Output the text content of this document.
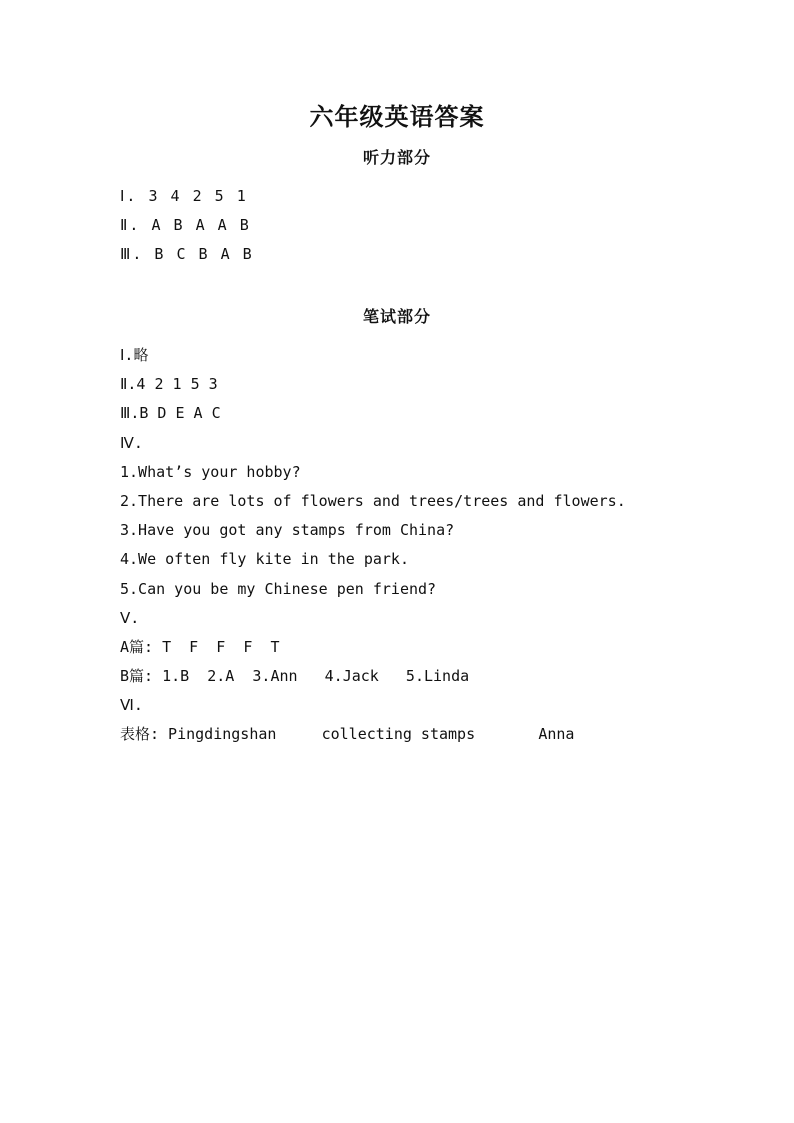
六年级英语答案
听力部分
Ⅰ. 3 4 2 5 1
Ⅱ. A B A A B
Ⅲ. B C B A B
笔试部分
Ⅰ.略
Ⅱ.4 2 1 5 3
Ⅲ.B D E A C
Ⅳ.
1.What’s your hobby?
2.There are lots of flowers and trees/trees and flowers.
3.Have you got any stamps from China?
4.We often fly kite in the park.
5.Can you be my Chinese pen friend?
Ⅴ.
A篇: T  F  F  F  T
B篇: 1.B  2.A  3.Ann   4.Jack   5.Linda
Ⅵ.
表格: Pingdingshan     collecting stamps       Anna
